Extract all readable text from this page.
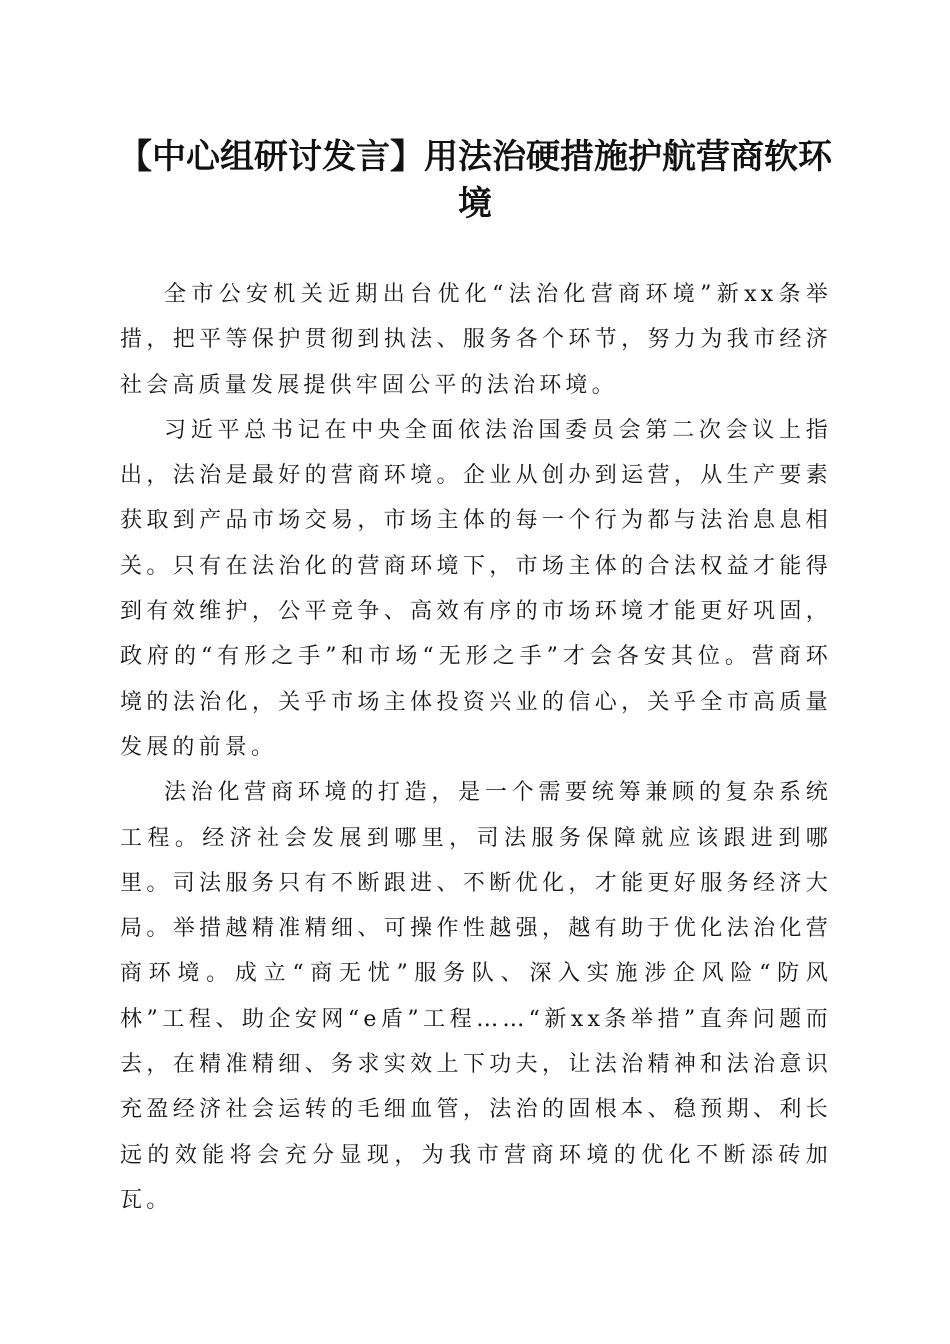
【中心组研讨发言】用法治硬措施护航营商软环境

全市公安机关近期出台优化“法治化营商环境”新xx条举措，把平等保护贯彻到执法、服务各个环节，努力为我市经济社会高质量发展提供牢固公平的法治环境。

习近平总书记在中央全面依法治国委员会第二次会议上指出，法治是最好的营商环境。企业从创办到运营，从生产要素获取到产品市场交易，市场主体的每一个行为都与法治息息相关。只有在法治化的营商环境下，市场主体的合法权益才能得到有效维护，公平竞争、高效有序的市场环境才能更好巩固，政府的“有形之手”和市场“无形之手”才会各安其位。营商环境的法治化，关乎市场主体投资兴业的信心，关乎全市高质量发展的前景。

法治化营商环境的打造，是一个需要统筹兼顾的复杂系统工程。经济社会发展到哪里，司法服务保障就应该跟进到哪里。司法服务只有不断跟进、不断优化，才能更好服务经济大局。举措越精准精细、可操作性越强，越有助于优化法治化营商环境。成立“商无忧”服务队、深入实施涉企风险“防风林”工程、助企安网“e盾”工程……“新xx条举措”直奔问题而去，在精准精细、务求实效上下功夫，让法治精神和法治意识充盈经济社会运转的毛细血管，法治的固根本、稳预期、利长远的效能将会充分显现，为我市营商环境的优化不断添砖加瓦。
